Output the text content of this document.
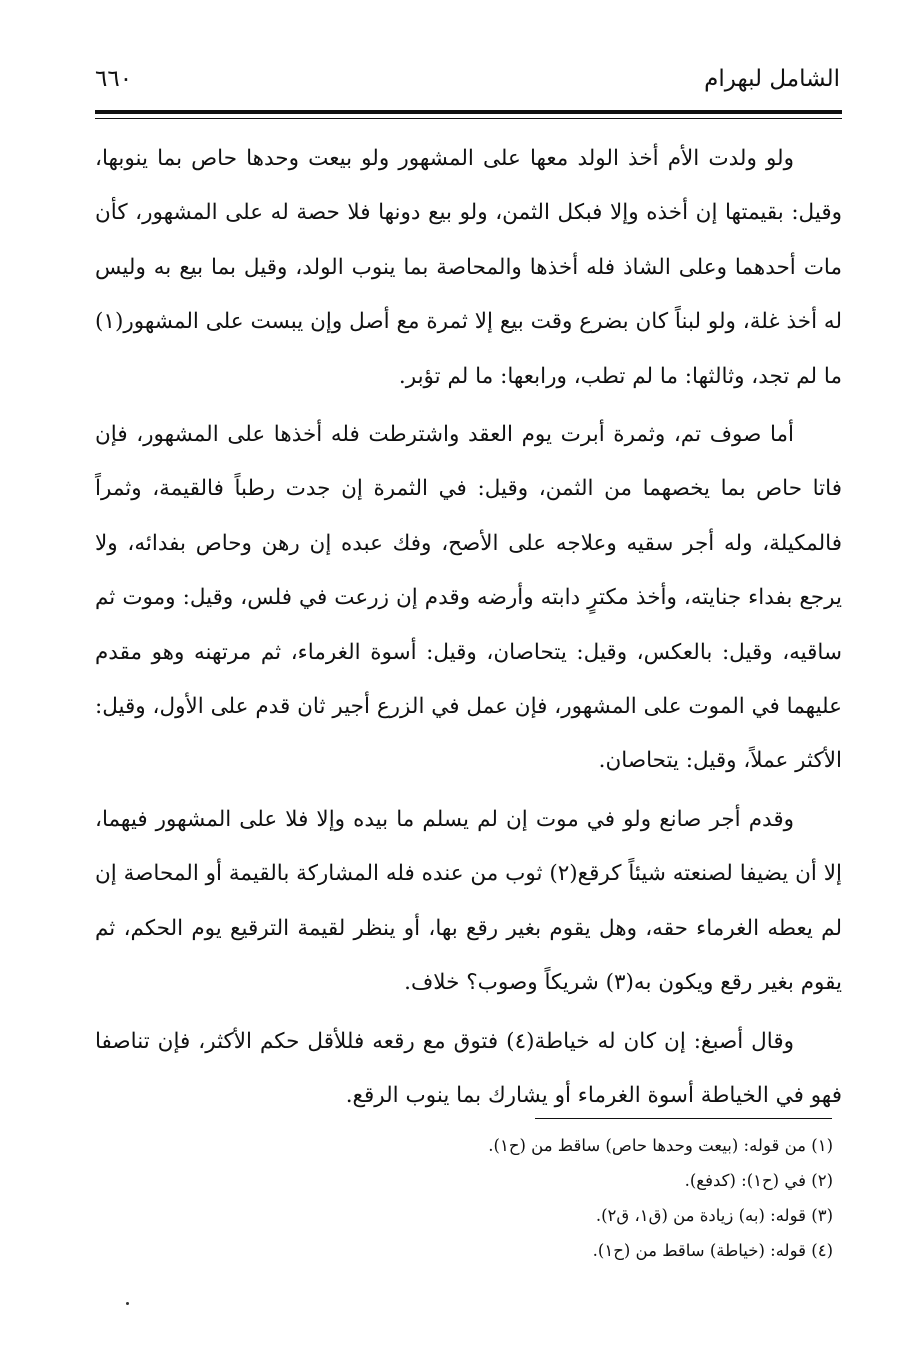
الشامل لبهرام
٦٦٠

ولو ولدت الأم أخذ الولد معها على المشهور ولو بيعت وحدها حاص بما ينوبها، وقيل: بقيمتها إن أخذه وإلا فبكل الثمن، ولو بيع دونها فلا حصة له على المشهور، كأن مات أحدهما وعلى الشاذ فله أخذها والمحاصة بما ينوب الولد، وقيل بما بيع به وليس له أخذ غلة، ولو لبناً كان بضرع وقت بيع إلا ثمرة مع أصل وإن يبست على المشهور(١) ما لم تجد، وثالثها: ما لم تطب، ورابعها: ما لم تؤبر.

أما صوف تم، وثمرة أبرت يوم العقد واشترطت فله أخذها على المشهور، فإن فاتا حاص بما يخصهما من الثمن، وقيل: في الثمرة إن جدت رطباً فالقيمة، وثمراً فالمكيلة، وله أجر سقيه وعلاجه على الأصح، وفك عبده إن رهن وحاص بفدائه، ولا يرجع بفداء جنايته، وأخذ مكترٍ دابته وأرضه وقدم إن زرعت في فلس، وقيل: وموت ثم ساقيه، وقيل: بالعكس، وقيل: يتحاصان، وقيل: أسوة الغرماء، ثم مرتهنه وهو مقدم عليهما في الموت على المشهور، فإن عمل في الزرع أجير ثان قدم على الأول، وقيل: الأكثر عملاً، وقيل: يتحاصان.

وقدم أجر صانع ولو في موت إن لم يسلم ما بيده وإلا فلا على المشهور فيهما، إلا أن يضيفا لصنعته شيئاً كرقع(٢) ثوب من عنده فله المشاركة بالقيمة أو المحاصة إن لم يعطه الغرماء حقه، وهل يقوم بغير رقع بها، أو ينظر لقيمة الترقيع يوم الحكم، ثم يقوم بغير رقع ويكون به(٣) شريكاً وصوب؟ خلاف.

وقال أصبغ: إن كان له خياطة(٤) فتوق مع رقعه فللأقل حكم الأكثر، فإن تناصفا فهو في الخياطة أسوة الغرماء أو يشارك بما ينوب الرقع.

(١) من قوله: (بيعت وحدها حاص) ساقط من (ح١).
(٢) في (ح١): (كدفع).
(٣) قوله: (به) زيادة من (ق١، ق٢).
(٤) قوله: (خياطة) ساقط من (ح١).
